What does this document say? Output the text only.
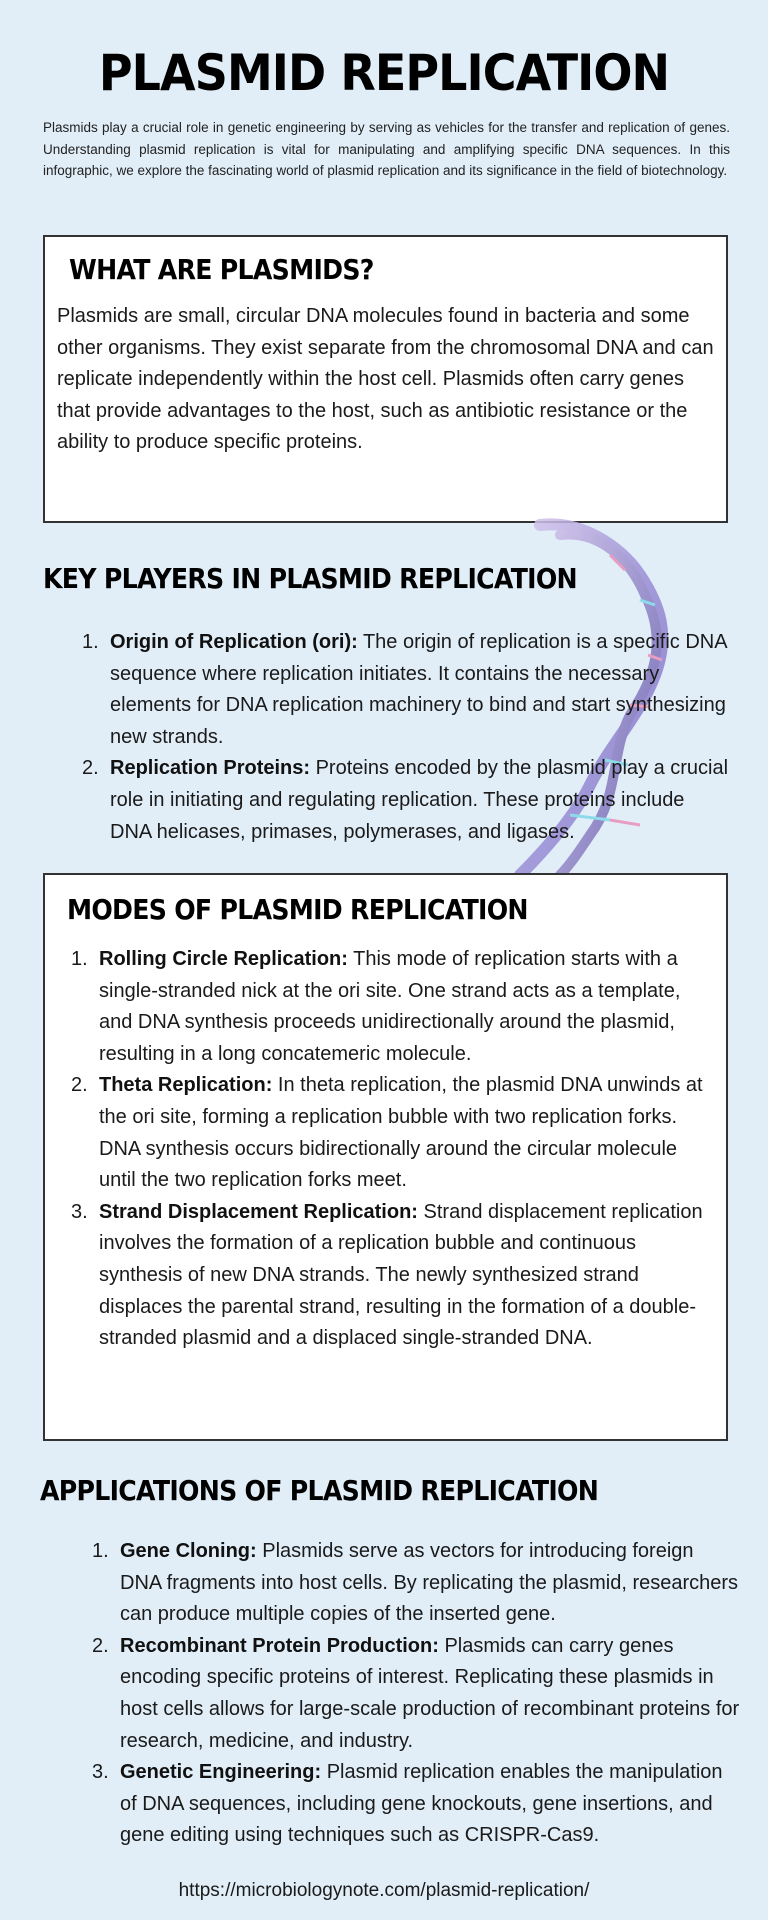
PLASMID REPLICATION
Plasmids play a crucial role in genetic engineering by serving as vehicles for the transfer and replication of genes. Understanding plasmid replication is vital for manipulating and amplifying specific DNA sequences. In this infographic, we explore the fascinating world of plasmid replication and its significance in the field of biotechnology.
WHAT ARE PLASMIDS?
Plasmids are small, circular DNA molecules found in bacteria and some other organisms. They exist separate from the chromosomal DNA and can replicate independently within the host cell. Plasmids often carry genes that provide advantages to the host, such as antibiotic resistance or the ability to produce specific proteins.
KEY PLAYERS IN PLASMID REPLICATION
1. Origin of Replication (ori): The origin of replication is a specific DNA sequence where replication initiates. It contains the necessary elements for DNA replication machinery to bind and start synthesizing new strands.
2. Replication Proteins: Proteins encoded by the plasmid play a crucial role in initiating and regulating replication. These proteins include DNA helicases, primases, polymerases, and ligases.
MODES OF PLASMID REPLICATION
1. Rolling Circle Replication: This mode of replication starts with a single-stranded nick at the ori site. One strand acts as a template, and DNA synthesis proceeds unidirectionally around the plasmid, resulting in a long concatemeric molecule.
2. Theta Replication: In theta replication, the plasmid DNA unwinds at the ori site, forming a replication bubble with two replication forks. DNA synthesis occurs bidirectionally around the circular molecule until the two replication forks meet.
3. Strand Displacement Replication: Strand displacement replication involves the formation of a replication bubble and continuous synthesis of new DNA strands. The newly synthesized strand displaces the parental strand, resulting in the formation of a double-stranded plasmid and a displaced single-stranded DNA.
APPLICATIONS OF PLASMID REPLICATION
1. Gene Cloning: Plasmids serve as vectors for introducing foreign DNA fragments into host cells. By replicating the plasmid, researchers can produce multiple copies of the inserted gene.
2. Recombinant Protein Production: Plasmids can carry genes encoding specific proteins of interest. Replicating these plasmids in host cells allows for large-scale production of recombinant proteins for research, medicine, and industry.
3. Genetic Engineering: Plasmid replication enables the manipulation of DNA sequences, including gene knockouts, gene insertions, and gene editing using techniques such as CRISPR-Cas9.
https://microbiologynote.com/plasmid-replication/
